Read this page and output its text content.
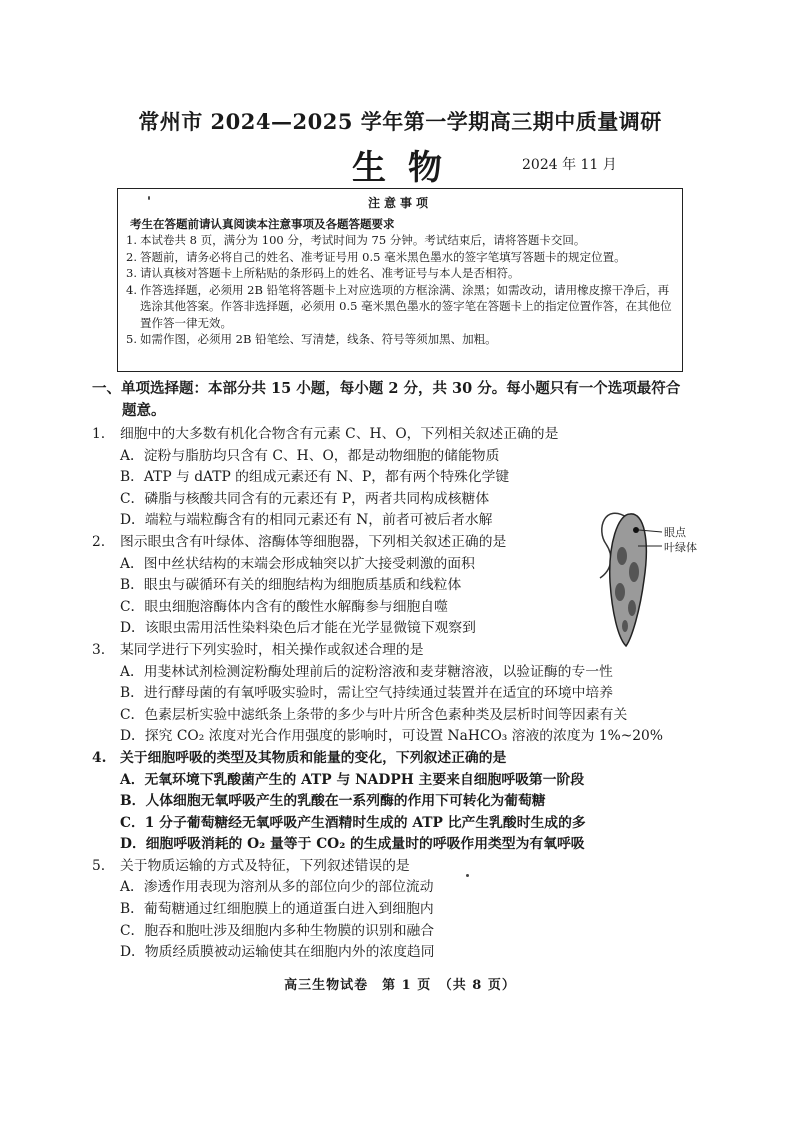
常州市 2024—2025 学年第一学期高三期中质量调研
生物	2024 年 11 月
注意事项
考生在答题前请认真阅读本注意事项及各题答题要求
1. 本试卷共 8 页，满分为 100 分，考试时间为 75 分钟。考试结束后，请将答题卡交回。
2. 答题前，请务必将自己的姓名、准考证号用 0.5 毫米黑色墨水的签字笔填写答题卡的规定位置。
3. 请认真核对答题卡上所粘贴的条形码上的姓名、准考证号与本人是否相符。
4. 作答选择题，必须用 2B 铅笔将答题卡上对应选项的方框涂满、涂黑；如需改动，请用橡皮擦干净后，再选涂其他答案。作答非选择题，必须用 0.5 毫米黑色墨水的签字笔在答题卡上的指定位置作答，在其他位置作答一律无效。
5. 如需作图，必须用 2B 铅笔绘、写清楚，线条、符号等须加黑、加粗。
一、单项选择题：本部分共 15 小题，每小题 2 分，共 30 分。每小题只有一个选项最符合
题意。
1.	细胞中的大多数有机化合物含有元素 C、H、O，下列相关叙述正确的是
A．淀粉与脂肪均只含有 C、H、O，都是动物细胞的储能物质
B．ATP 与 dATP 的组成元素还有 N、P，都有两个特殊化学键
C．磷脂与核酸共同含有的元素还有 P，两者共同构成核糖体
D．端粒与端粒酶含有的相同元素还有 N，前者可被后者水解
2.	图示眼虫含有叶绿体、溶酶体等细胞器，下列相关叙述正确的是
A．图中丝状结构的末端会形成轴突以扩大接受刺激的面积
B．眼虫与碳循环有关的细胞结构为细胞质基质和线粒体
C．眼虫细胞溶酶体内含有的酸性水解酶参与细胞自噬
D．该眼虫需用活性染料染色后才能在光学显微镜下观察到
3.	某同学进行下列实验时，相关操作或叙述合理的是
A．用斐林试剂检测淀粉酶处理前后的淀粉溶液和麦芽糖溶液，以验证酶的专一性
B．进行酵母菌的有氧呼吸实验时，需让空气持续通过装置并在适宜的环境中培养
C．色素层析实验中滤纸条上条带的多少与叶片所含色素种类及层析时间等因素有关
D．探究 CO₂ 浓度对光合作用强度的影响时，可设置 NaHCO₃ 溶液的浓度为 1%~20%
4. 关于细胞呼吸的类型及其物质和能量的变化，下列叙述正确的是
A．无氧环境下乳酸菌产生的 ATP 与 NADPH 主要来自细胞呼吸第一阶段
B．人体细胞无氧呼吸产生的乳酸在一系列酶的作用下可转化为葡萄糖
C．1 分子葡萄糖经无氧呼吸产生酒精时生成的 ATP 比产生乳酸时生成的多
D．细胞呼吸消耗的 O₂ 量等于 CO₂ 的生成量时的呼吸作用类型为有氧呼吸
5.	关于物质运输的方式及特征，下列叙述错误的是
A．渗透作用表现为溶剂从多的部位向少的部位流动
B．葡萄糖通过红细胞膜上的通道蛋白进入到细胞内
C．胞吞和胞吐涉及细胞内多种生物膜的识别和融合
D．物质经质膜被动运输使其在细胞内外的浓度趋同
眼点
叶绿体
高三生物试卷　第 1 页　（共 8 页）
